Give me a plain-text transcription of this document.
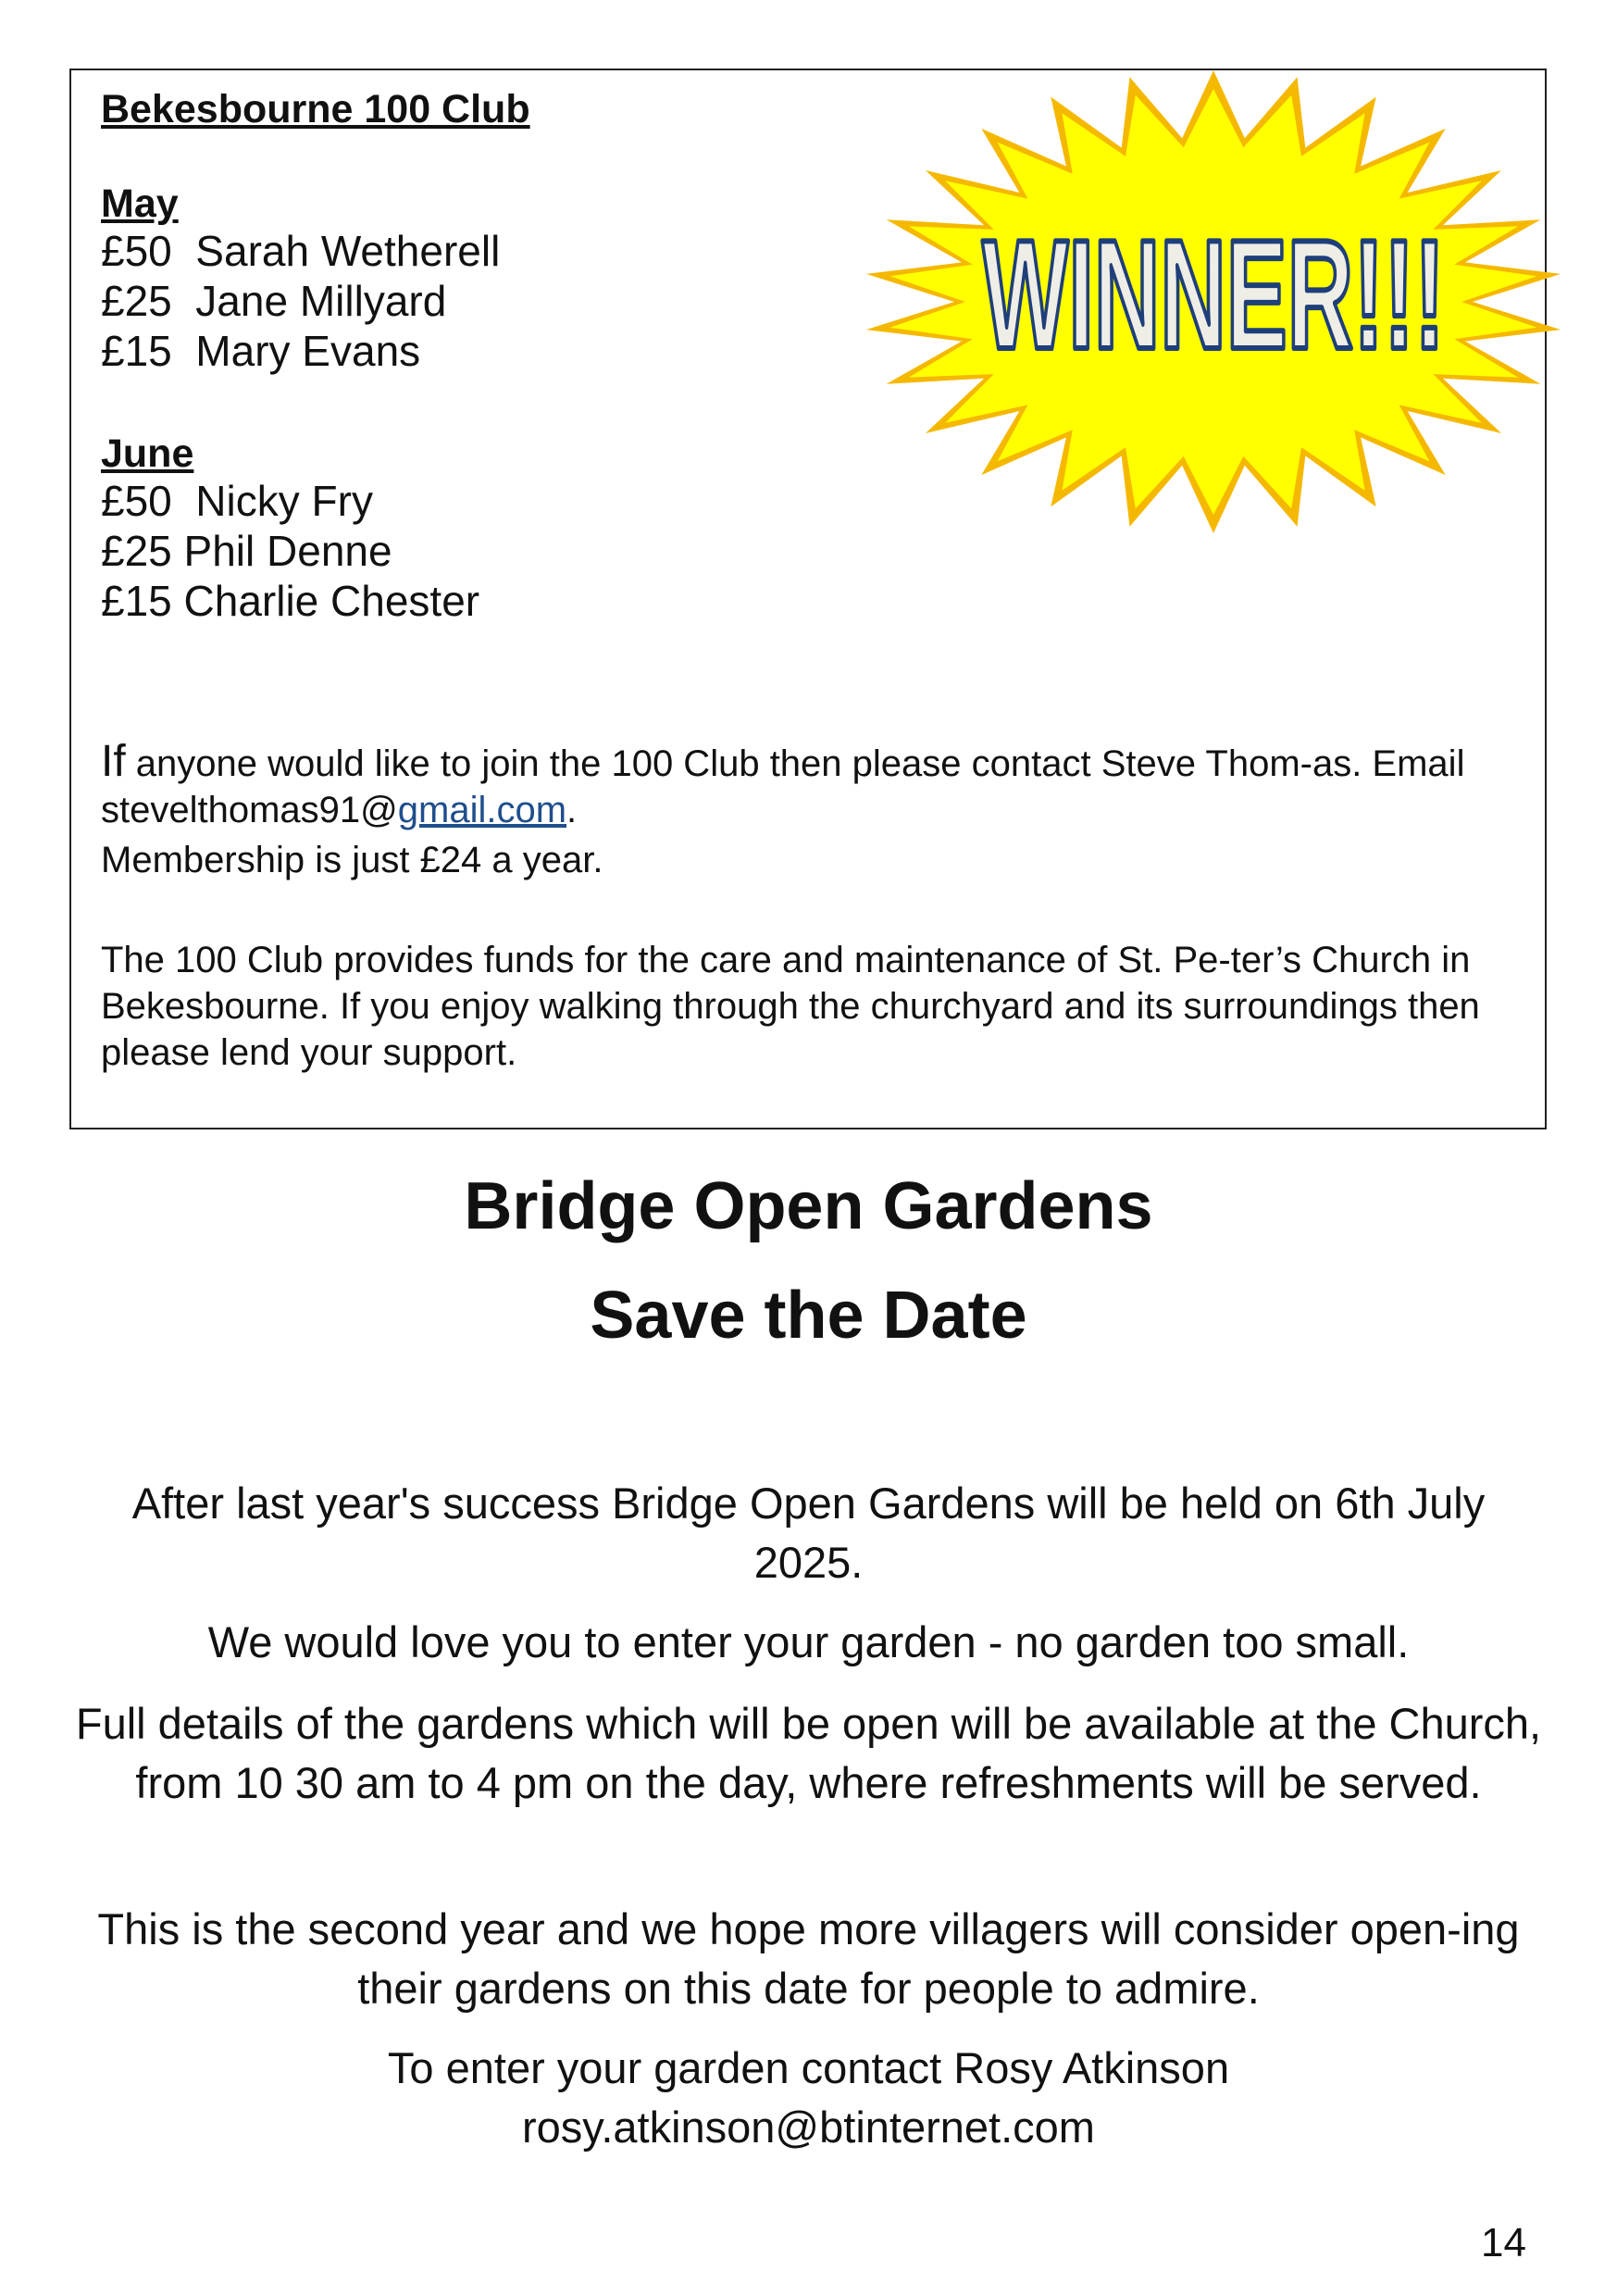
Bekesbourne 100 Club
May
£50  Sarah Wetherell
£25  Jane Millyard
£15  Mary Evans
June
£50  Nicky Fry
£25 Phil Denne
£15 Charlie Chester
WINNER!!!

If anyone would like to join the 100 Club then please contact Steve Thom-as. Email stevelthomas91@gmail.com.

Membership is just £24 a year.

The 100 Club provides funds for the care and maintenance of St. Pe-ter’s Church in Bekesbourne. If you enjoy walking through the churchyard and its surroundings then please lend your support.

Bridge Open Gardens
Save the Date

After last year's success Bridge Open Gardens will be held on 6th July 2025.

We would love you to enter your garden - no garden too small.

Full details of the gardens which will be open will be available at the Church, from 10 30 am to 4 pm on the day, where refreshments will be served.

This is the second year and we hope more villagers will consider open-ing their gardens on this date for people to admire.

To enter your garden contact Rosy Atkinson

rosy.atkinson@btinternet.com

14
